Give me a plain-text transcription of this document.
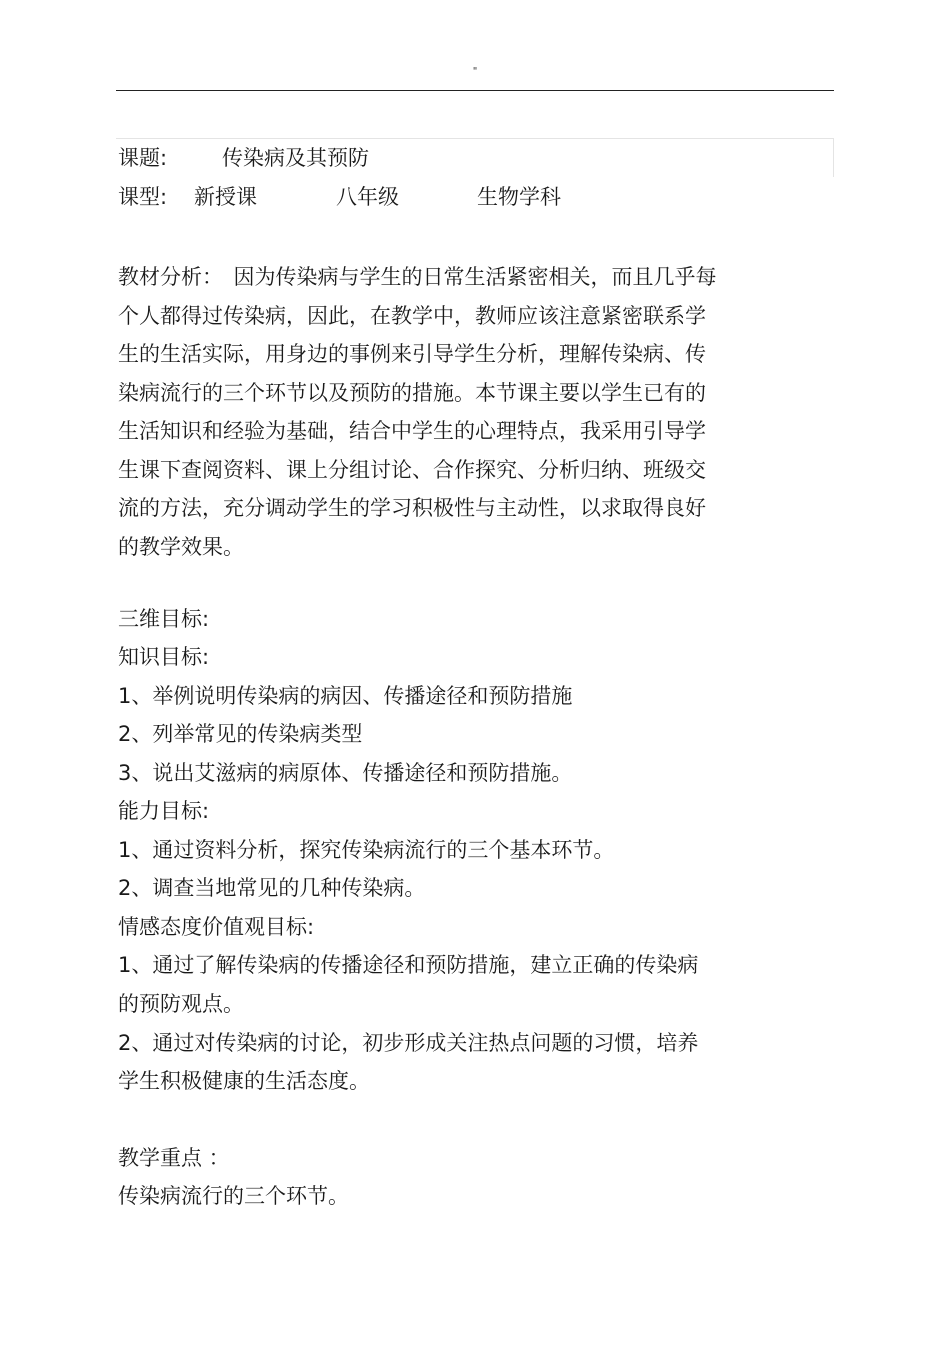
"
课题:	传染病及其预防
课型: 新授课	八年级	生物学科
教材分析：　因为传染病与学生的日常生活紧密相关，而且几乎每
个人都得过传染病，因此，在教学中，教师应该注意紧密联系学
生的生活实际，用身边的事例来引导学生分析，理解传染病、传
染病流行的三个环节以及预防的措施。本节课主要以学生已有的
生活知识和经验为基础，结合中学生的心理特点，我采用引导学
生课下查阅资料、课上分组讨论、合作探究、分析归纳、班级交
流的方法，充分调动学生的学习积极性与主动性，以求取得良好
的教学效果。
三维目标:
知识目标:
1、举例说明传染病的病因、传播途径和预防措施
2、列举常见的传染病类型
3、说出艾滋病的病原体、传播途径和预防措施。
能力目标:
1、通过资料分析，探究传染病流行的三个基本环节。
2、调查当地常见的几种传染病。
情感态度价值观目标:
1、通过了解传染病的传播途径和预防措施，建立正确的传染病
的预防观点。
2、通过对传染病的讨论，初步形成关注热点问题的习惯，培养
学生积极健康的生活态度。
教学重点 ：
传染病流行的三个环节。
